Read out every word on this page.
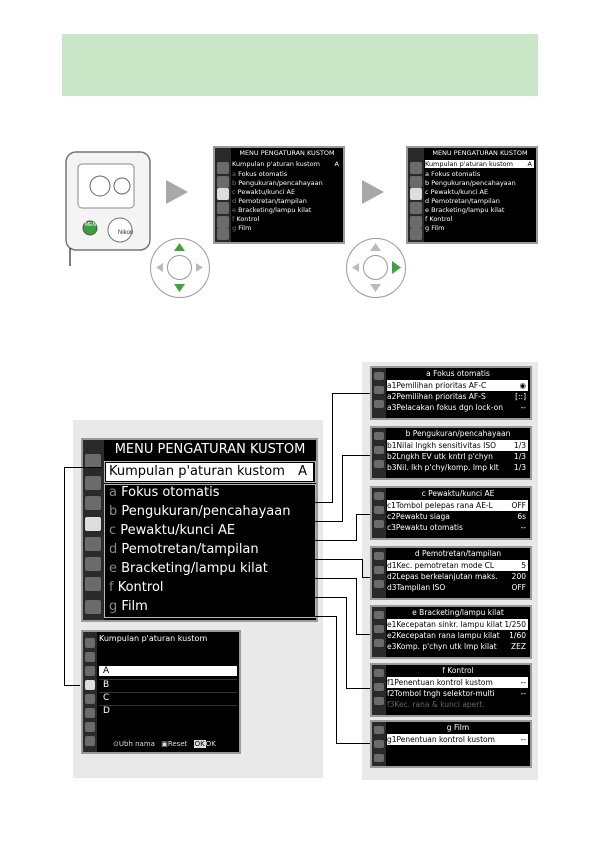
MENU
Nikon
MENU PENGATURAN KUSTOM
Kumpulan p'aturan kustom A
a Fokus otomatis
b Pengukuran/pencahayaan
c Pewaktu/kunci AE
d Pemotretan/tampilan
e Bracketing/lampu kilat
f Kontrol
g Film
MENU PENGATURAN KUSTOM
Kumpulan p'aturan kustom A
a Fokus otomatis
b Pengukuran/pencahayaan
c Pewaktu/kunci AE
d Pemotretan/tampilan
e Bracketing/lampu kilat
f Kontrol
g Film
MENU PENGATURAN KUSTOM
Kumpulan p'aturan kustom A
a Fokus otomatis
b Pengukuran/pencahayaan
c Pewaktu/kunci AE
d Pemotretan/tampilan
e Bracketing/lampu kilat
f Kontrol
g Film
Kumpulan p'aturan kustom
A
B
C
D
⊙Ubh nama ▣Reset OKOK
a Fokus otomatis
a1Pemilihan prioritas AF-C	◉
a2Pemilihan prioritas AF-S	[::]
a3Pelacakan fokus dgn lock-on --
b Pengukuran/pencahayaan
b1Nilai lngkh sensitivitas ISO 1/3
b2Lngkh EV utk kntrl p'chyn	1/3
b3Nil. lkh p'chy/komp. lmp klt 1/3
c Pewaktu/kunci AE
c1Tombol pelepas rana AE-L OFF
c2Pewaktu siaga	6s
c3Pewaktu otomatis	--
d Pemotretan/tampilan
d1Kec. pemotretan mode CL	5
d2Lepas berkelanjutan maks. 200
d3Tampilan ISO	OFF
e Bracketing/lampu kilat
e1Kecepatan sinkr. lampu kilat 1/250
e2Kecepatan rana lampu kilat 1/60
e3Komp. p'chyn utk lmp kilat ZEZ
f Kontrol
f1Penentuan kontrol kustom	--
f2Tombol tngh selektor-multi	--
f3Kec. rana & kunci apert.
g Film
g1Penentuan kontrol kustom	--
